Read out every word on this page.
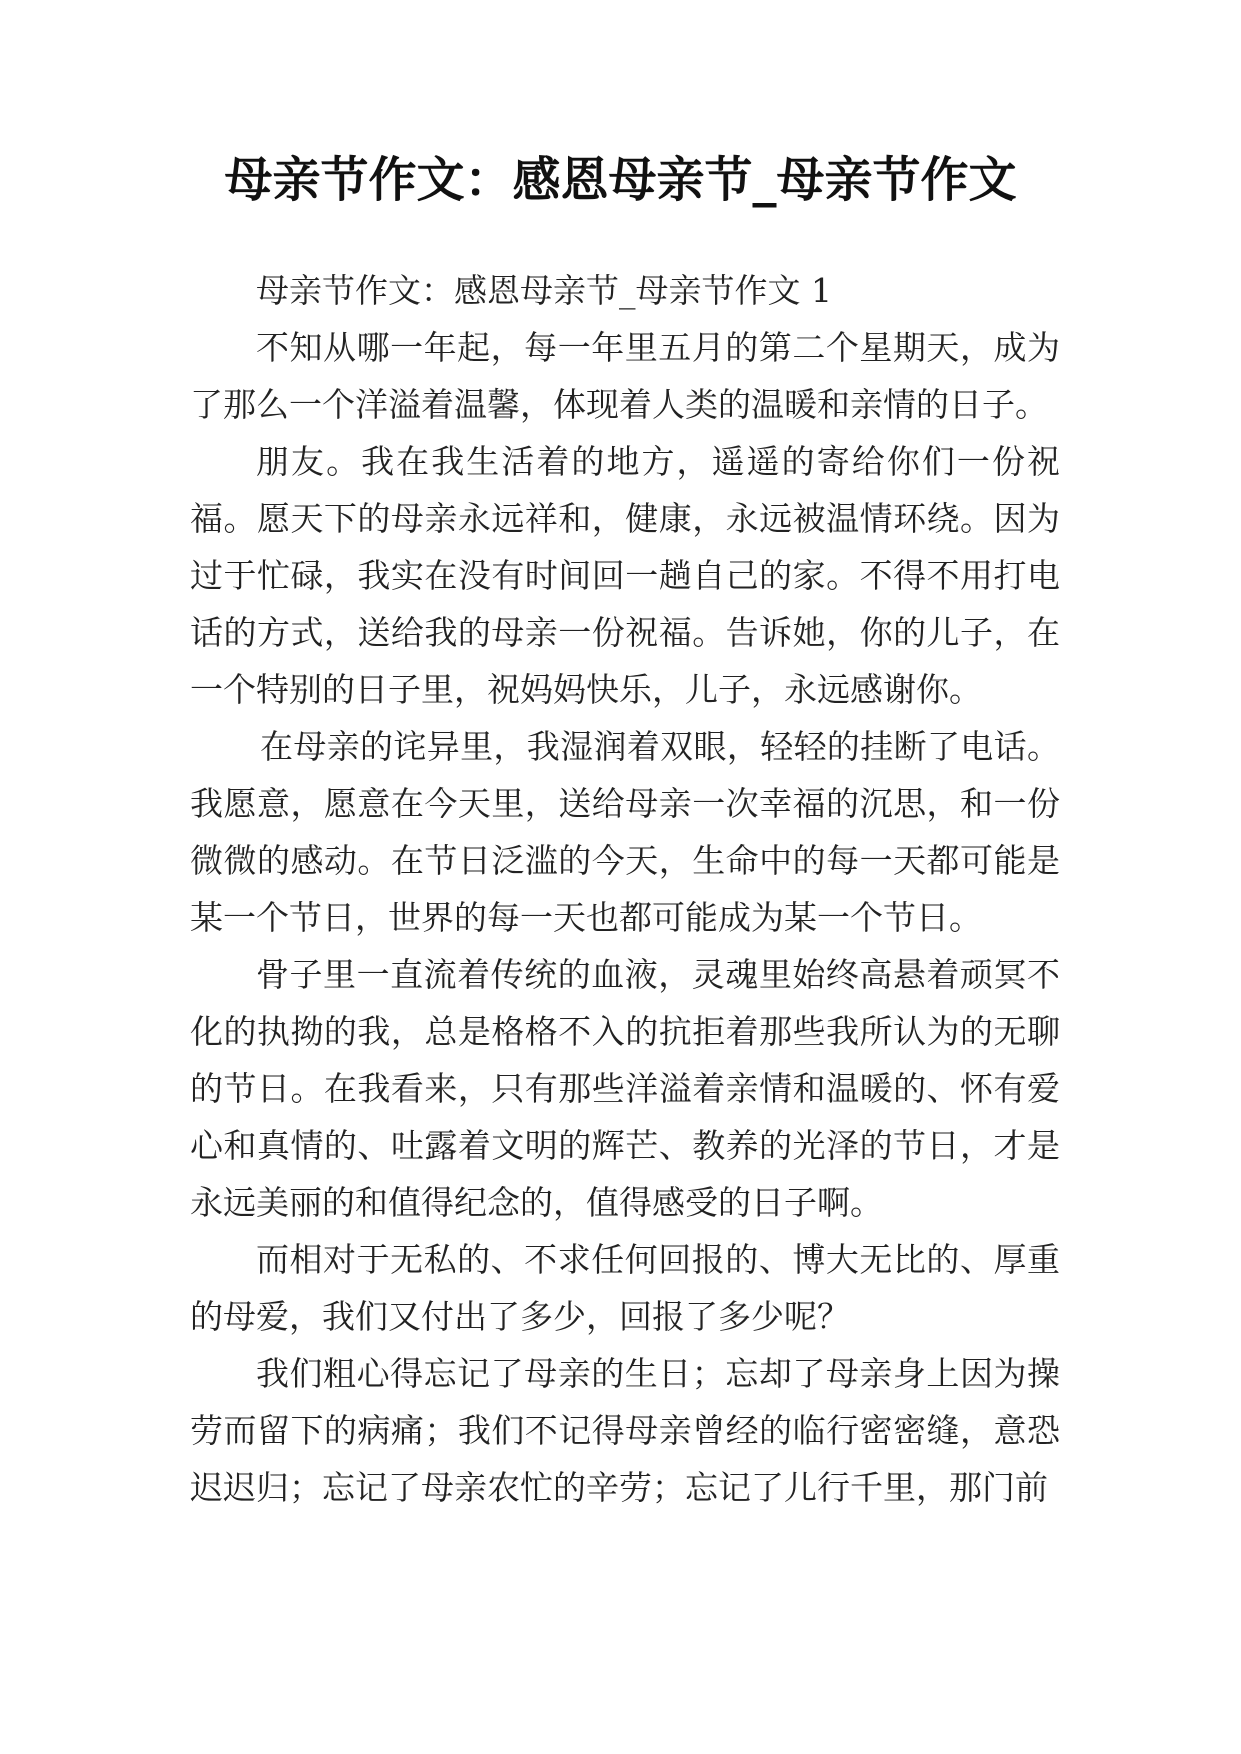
母亲节作文：感恩母亲节_母亲节作文

母亲节作文：感恩母亲节_母亲节作文 1

不知从哪一年起，每一年里五月的第二个星期天，成为了那么一个洋溢着温馨，体现着人类的温暖和亲情的日子。

朋友。我在我生活着的地方，遥遥的寄给你们一份祝福。愿天下的母亲永远祥和，健康，永远被温情环绕。因为过于忙碌，我实在没有时间回一趟自己的家。不得不用打电话的方式，送给我的母亲一份祝福。告诉她，你的儿子，在一个特别的日子里，祝妈妈快乐，儿子，永远感谢你。

在母亲的诧异里，我湿润着双眼，轻轻的挂断了电话。我愿意，愿意在今天里，送给母亲一次幸福的沉思，和一份微微的感动。在节日泛滥的今天，生命中的每一天都可能是某一个节日，世界的每一天也都可能成为某一个节日。

骨子里一直流着传统的血液，灵魂里始终高悬着顽冥不化的执拗的我，总是格格不入的抗拒着那些我所认为的无聊的节日。在我看来，只有那些洋溢着亲情和温暖的、怀有爱心和真情的、吐露着文明的辉芒、教养的光泽的节日，才是永远美丽的和值得纪念的，值得感受的日子啊。

而相对于无私的、不求任何回报的、博大无比的、厚重的母爱，我们又付出了多少，回报了多少呢？

我们粗心得忘记了母亲的生日；忘却了母亲身上因为操劳而留下的病痛；我们不记得母亲曾经的临行密密缝，意恐迟迟归；忘记了母亲农忙的辛劳；忘记了儿行千里，那门前
